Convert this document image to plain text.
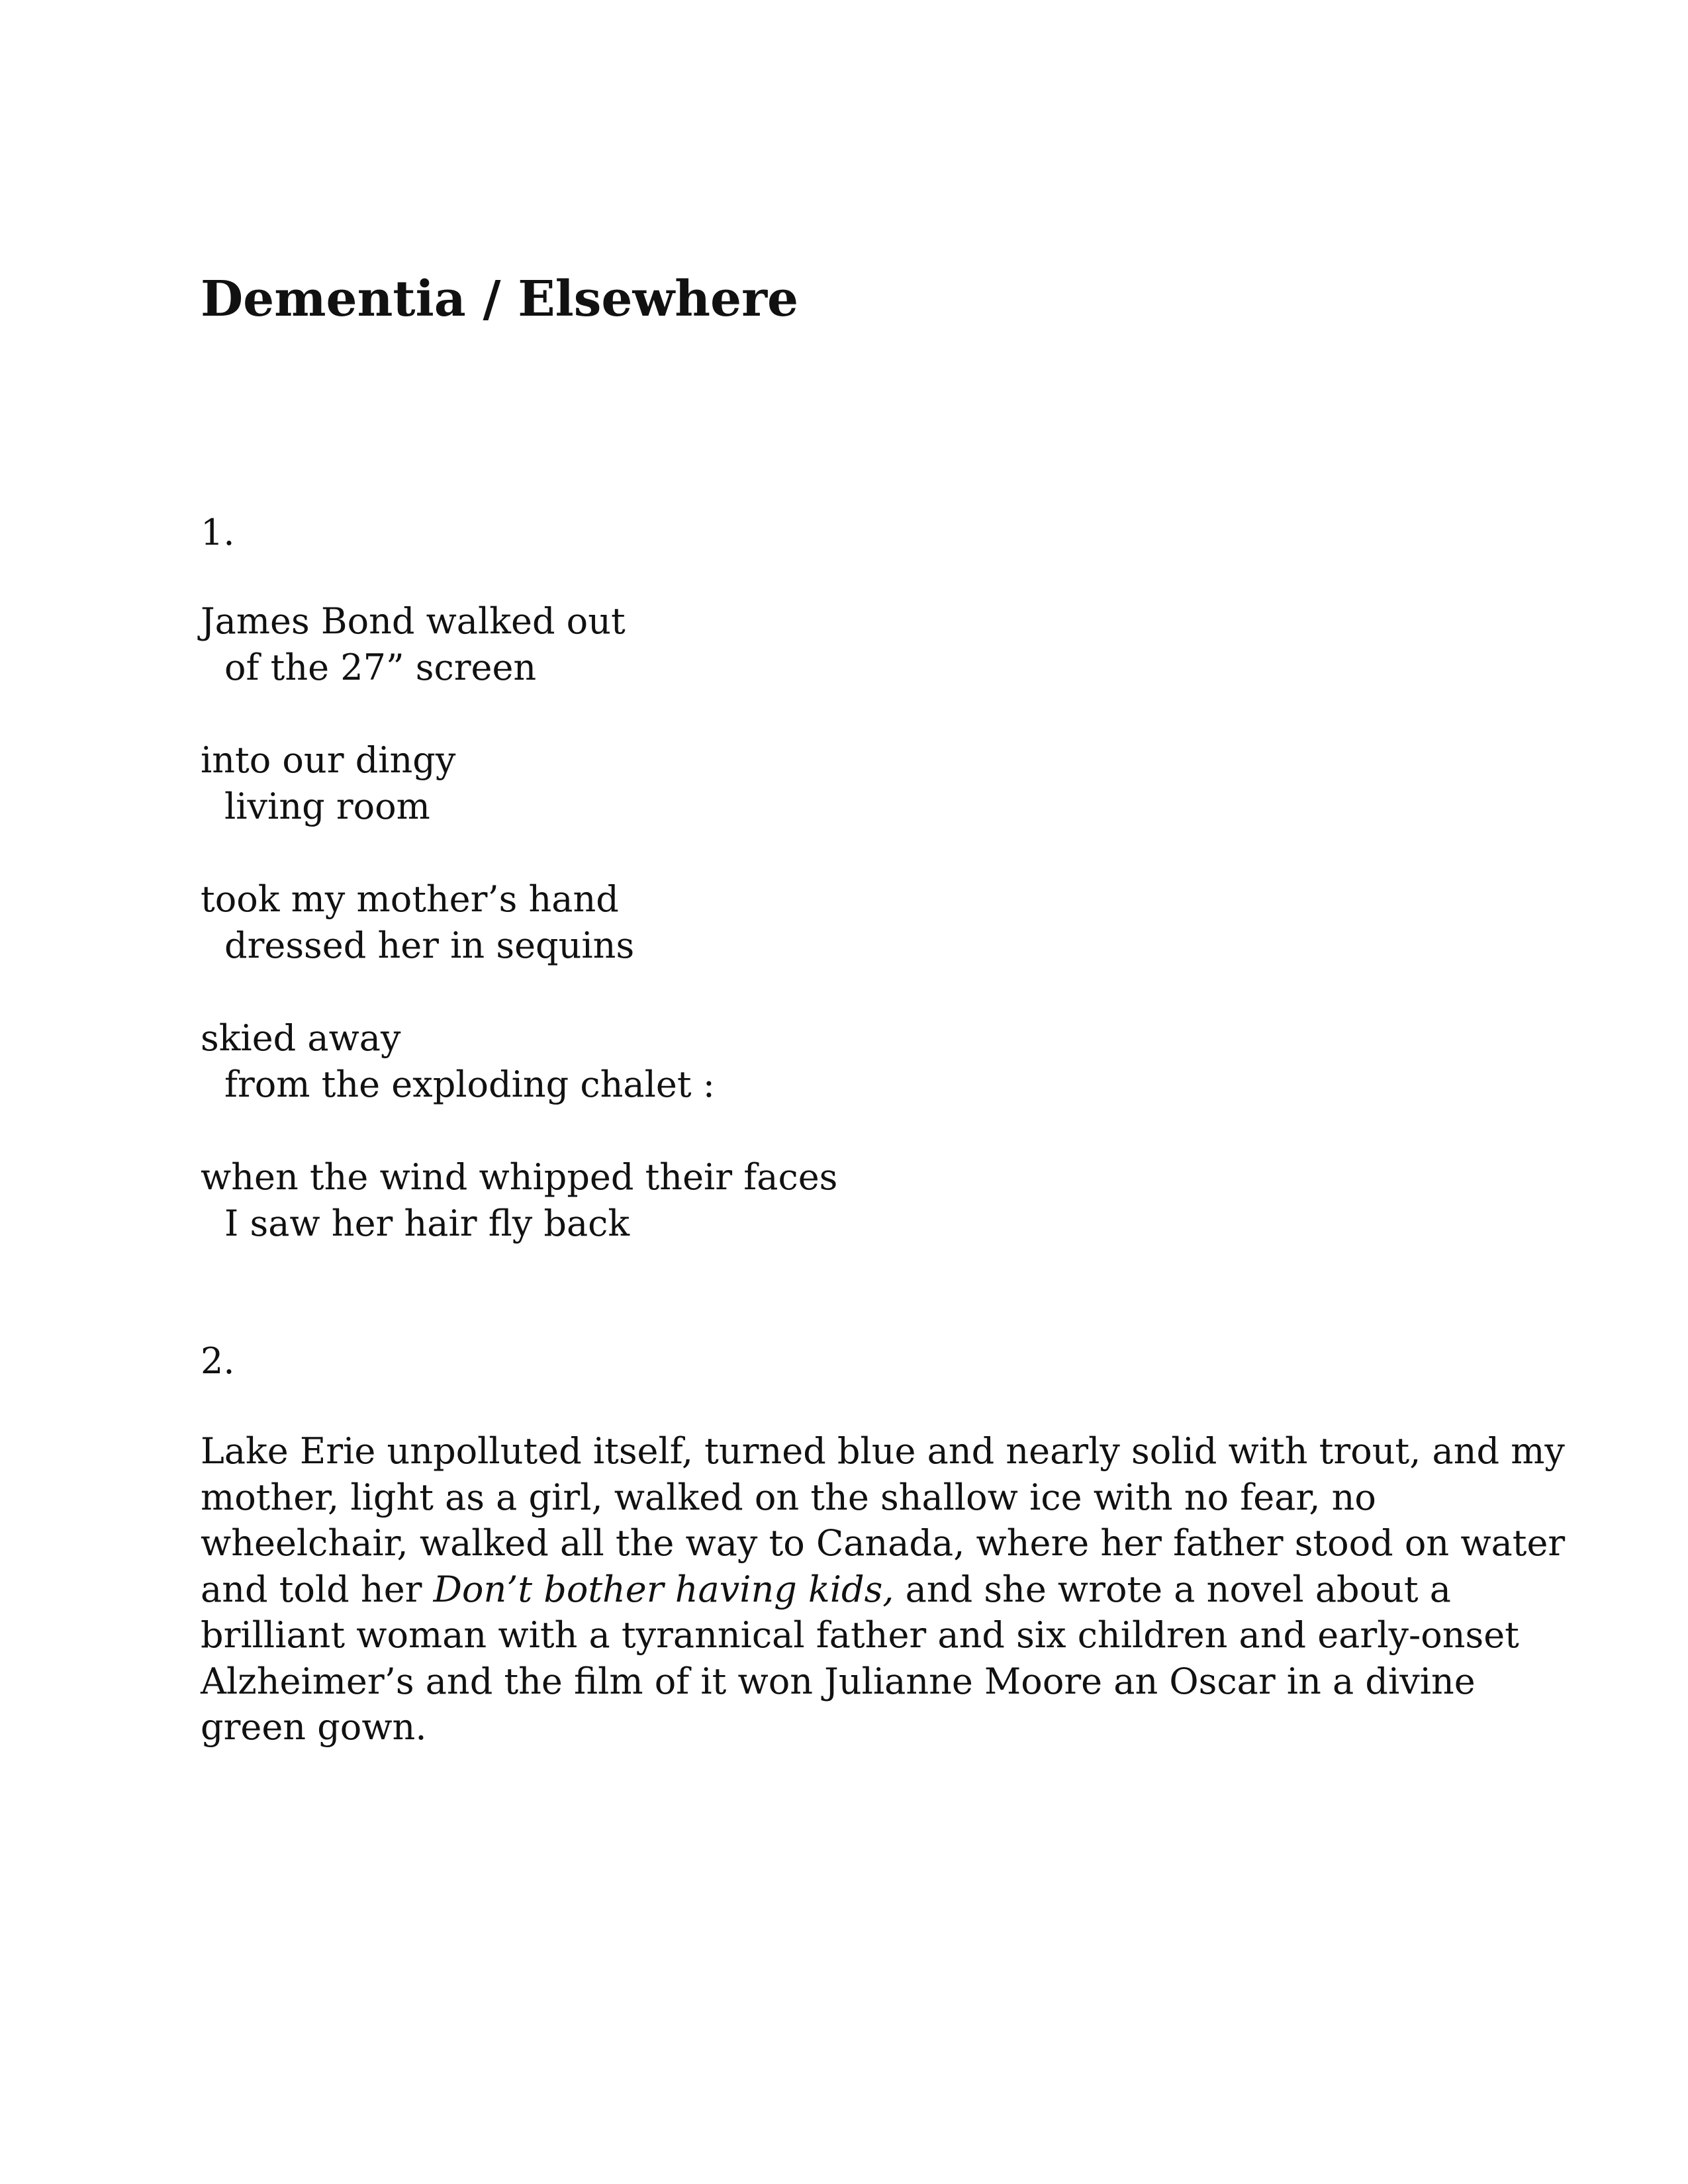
Dementia / Elsewhere

1.

James Bond walked out
of the 27” screen
into our dingy
living room
took my mother’s hand
dressed her in sequins
skied away
from the exploding chalet :
when the wind whipped their faces
I saw her hair fly back

2.

Lake Erie unpolluted itself, turned blue and nearly solid with trout, and my mother, light as a girl, walked on the shallow ice with no fear, no wheelchair, walked all the way to Canada, where her father stood on water and told her Don’t bother having kids, and she wrote a novel about a brilliant woman with a tyrannical father and six children and early-onset Alzheimer’s and the film of it won Julianne Moore an Oscar in a divine green gown.
